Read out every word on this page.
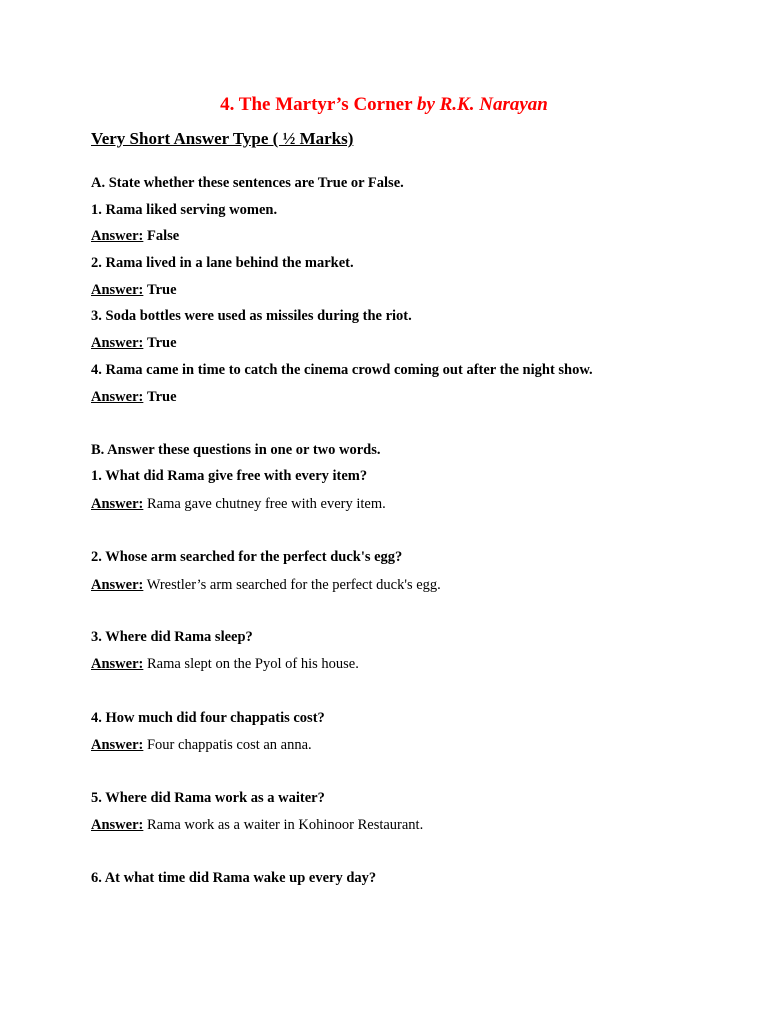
4. The Martyr’s Corner by R.K. Narayan
Very Short Answer Type ( ½ Marks)
A. State whether these sentences are True or False.
1. Rama liked serving women.
Answer: False
2. Rama lived in a lane behind the market.
Answer: True
3. Soda bottles were used as missiles during the riot.
Answer: True
4. Rama came in time to catch the cinema crowd coming out after the night show.
Answer: True
B. Answer these questions in one or two words.
1. What did Rama give free with every item?
Answer: Rama gave chutney free with every item.
2. Whose arm searched for the perfect duck's egg?
Answer: Wrestler’s arm searched for the perfect duck's egg.
3. Where did Rama sleep?
Answer: Rama slept on the Pyol of his house.
4. How much did four chappatis cost?
Answer: Four chappatis cost an anna.
5. Where did Rama work as a waiter?
Answer: Rama work as a waiter in Kohinoor Restaurant.
6. At what time did Rama wake up every day?
